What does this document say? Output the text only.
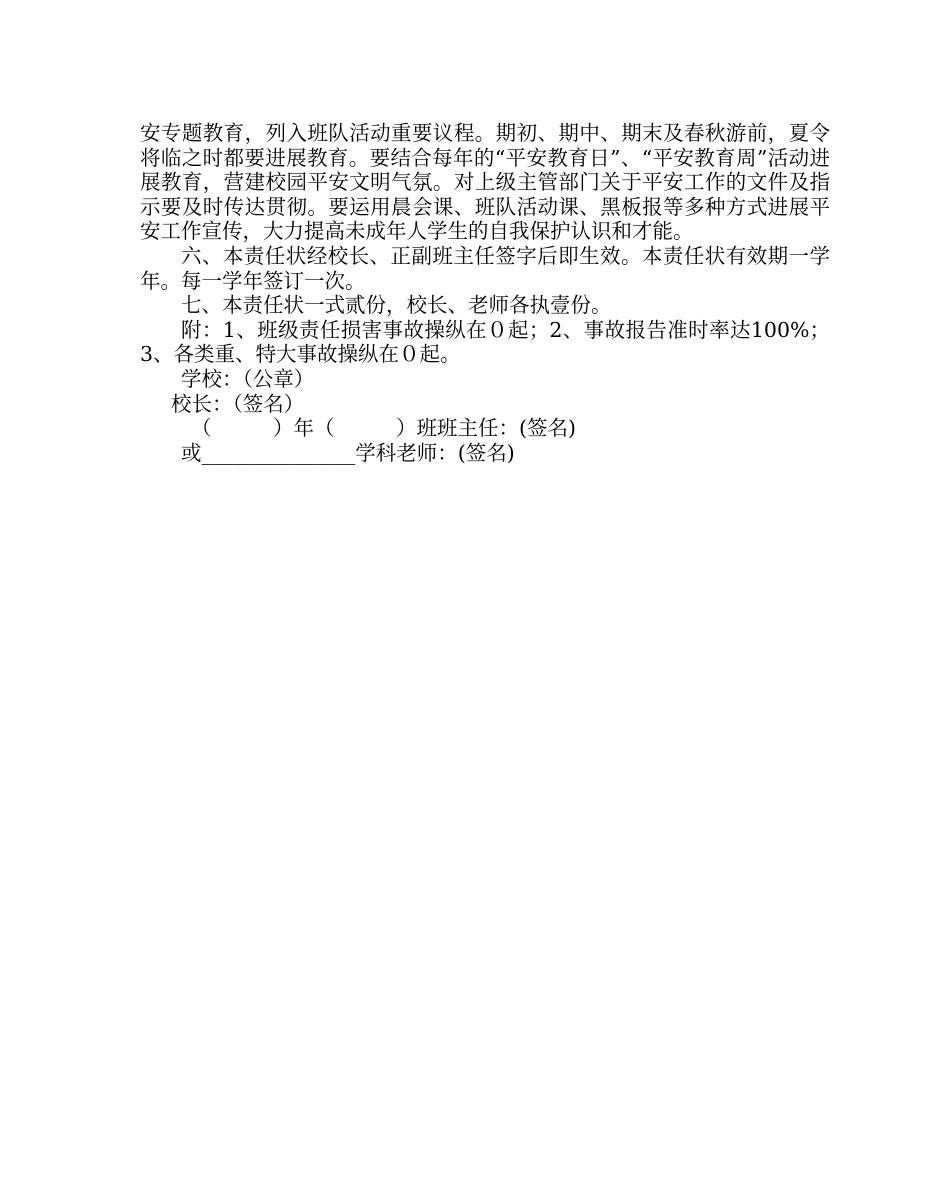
安专题教育，列入班队活动重要议程。期初、期中、期末及春秋游前，夏令将临之时都要进展教育。要结合每年的“平安教育日”、“平安教育周”活动进展教育，营建校园平安文明气氛。对上级主管部门关于平安工作的文件及指示要及时传达贯彻。要运用晨会课、班队活动课、黑板报等多种方式进展平安工作宣传，大力提高未成年人学生的自我保护认识和才能。

六、本责任状经校长、正副班主任签字后即生效。本责任状有效期一学年。每一学年签订一次。

七、本责任状一式贰份，校长、老师各执壹份。

附：1、班级责任损害事故操纵在０起；2、事故报告准时率达100%；3、各类重、特大事故操纵在０起。

学校：（公章）

校长：（签名）

（　　　）年（　　　）班班主任：(签名)

或_______________学科老师：(签名)
